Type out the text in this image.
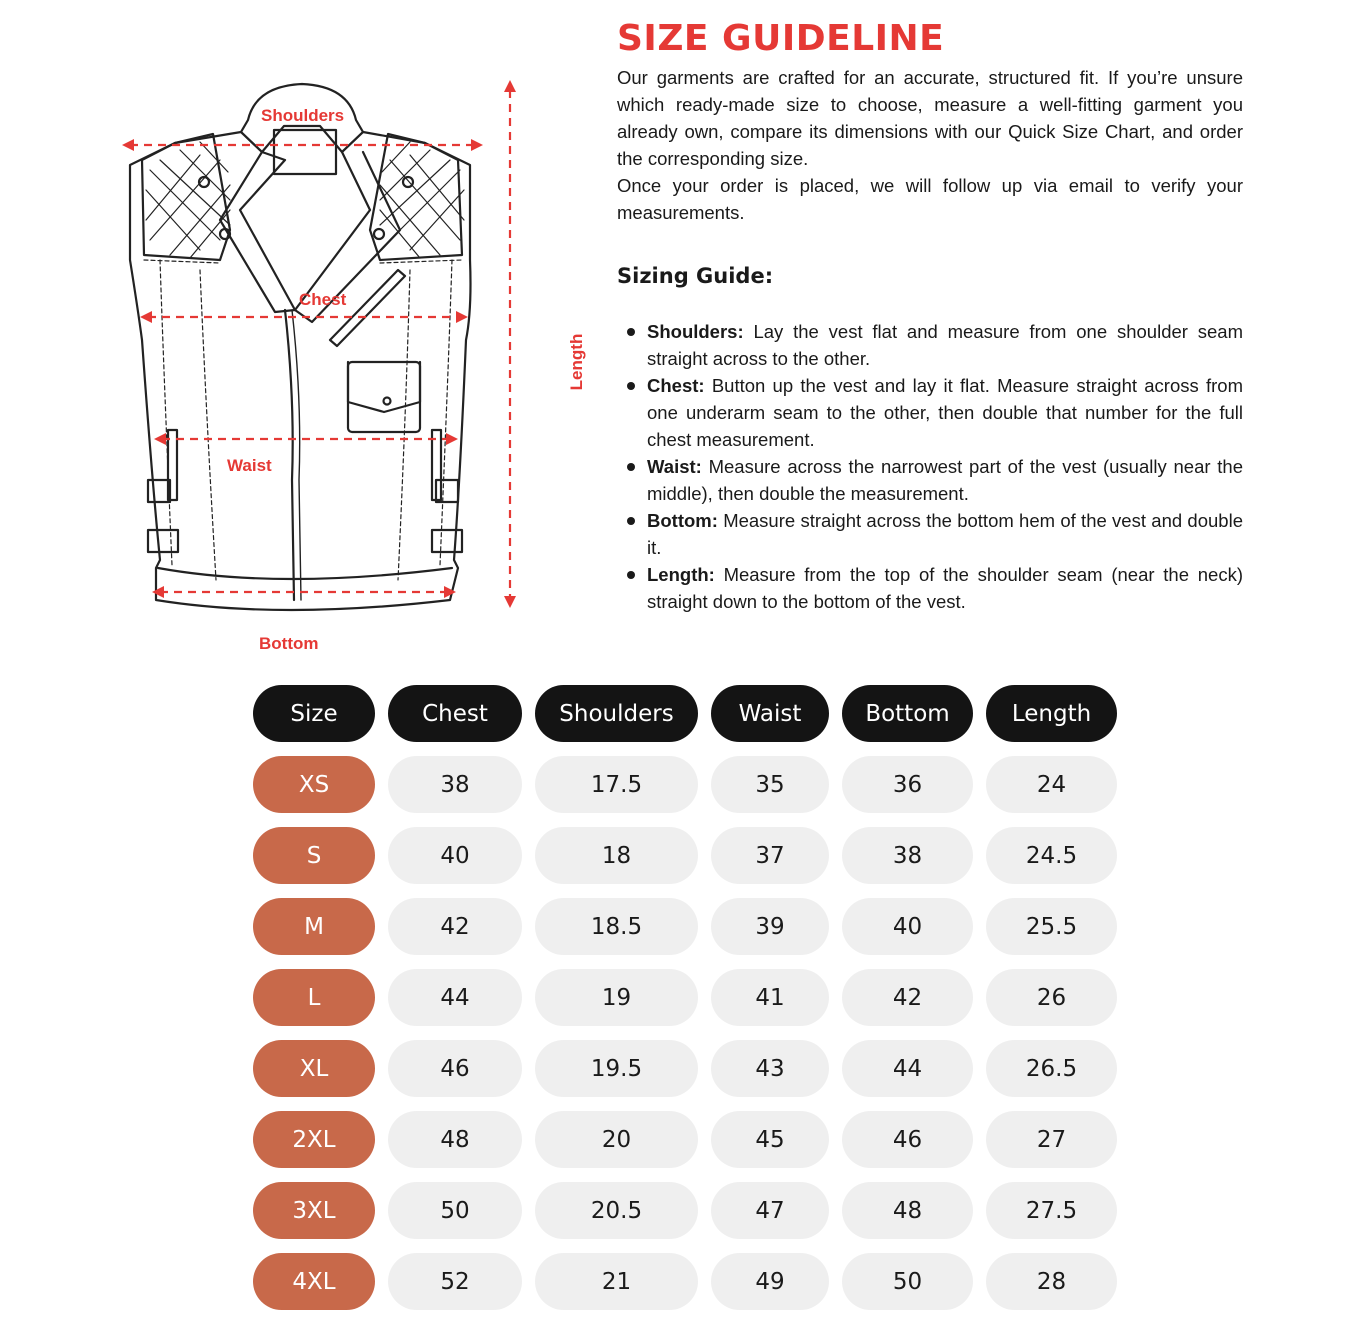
Shoulders
Chest
Waist
Bottom
Length
SIZE GUIDELINE

Our garments are crafted for an accurate, structured fit. If you’re unsure which ready-made size to choose, measure a well-fitting garment you already own, compare its dimensions with our Quick Size Chart, and order the corresponding size.

Once your order is placed, we will follow up via email to verify your measurements.

Sizing Guide:
Shoulders: Lay the vest flat and measure from one shoulder seam straight across to the other.
Chest: Button up the vest and lay it flat. Measure straight across from one underarm seam to the other, then double that number for the full chest measurement.
Waist: Measure across the narrowest part of the vest (usually near the middle), then double the measurement.
Bottom: Measure straight across the bottom hem of the vest and double it.
Length: Measure from the top of the shoulder seam (near the neck) straight down to the bottom of the vest.
Size	Chest	Shoulders	Waist	Bottom	Length
XS	38	17.5	35	36	24
S	40	18	37	38	24.5
M	42	18.5	39	40	25.5
L	44	19	41	42	26
XL	46	19.5	43	44	26.5
2XL	48	20	45	46	27
3XL	50	20.5	47	48	27.5
4XL	52	21	49	50	28
